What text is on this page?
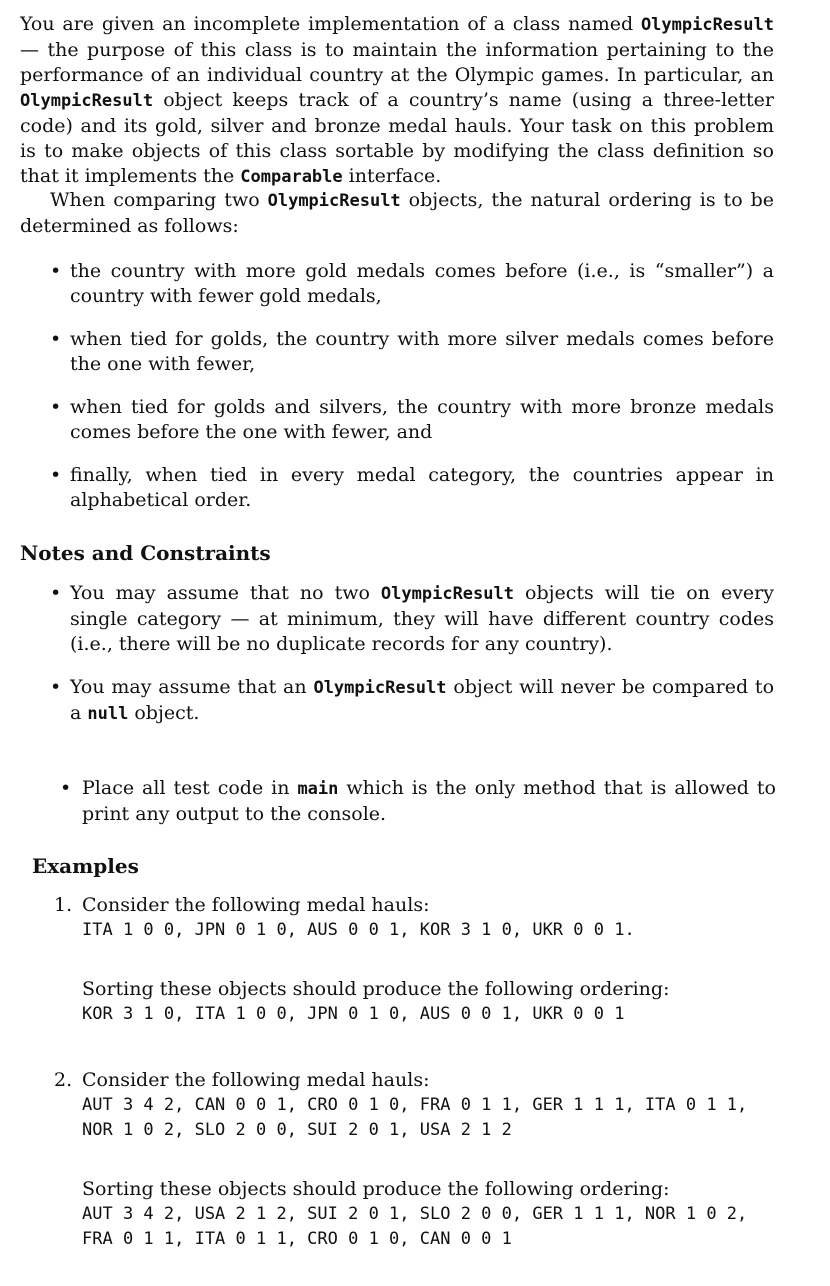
You are given an incomplete implementation of a class named OlympicResult — the purpose of this class is to maintain the information pertaining to the performance of an individual country at the Olympic games. In particular, an OlympicResult object keeps track of a country’s name (using a three-letter code) and its gold, silver and bronze medal hauls. Your task on this problem is to make objects of this class sortable by modifying the class definition so that it implements the Comparable interface.

When comparing two OlympicResult objects, the natural ordering is to be determined as follows:

• the country with more gold medals comes before (i.e., is “smaller”) a country with fewer gold medals,
• when tied for golds, the country with more silver medals comes before the one with fewer,
• when tied for golds and silvers, the country with more bronze medals comes before the one with fewer, and
• finally, when tied in every medal category, the countries appear in alphabetical order.
Notes and Constraints
• You may assume that no two OlympicResult objects will tie on every single category — at minimum, they will have different country codes (i.e., there will be no duplicate records for any country).
• You may assume that an OlympicResult object will never be compared to a null object.
• Place all test code in main which is the only method that is allowed to print any output to the console.
Examples
1. Consider the following medal hauls:
ITA 1 0 0, JPN 0 1 0, AUS 0 0 1, KOR 3 1 0, UKR 0 0 1.
Sorting these objects should produce the following ordering:
KOR 3 1 0, ITA 1 0 0, JPN 0 1 0, AUS 0 0 1, UKR 0 0 1
2. Consider the following medal hauls:
AUT 3 4 2, CAN 0 0 1, CRO 0 1 0, FRA 0 1 1, GER 1 1 1, ITA 0 1 1,
NOR 1 0 2, SLO 2 0 0, SUI 2 0 1, USA 2 1 2
Sorting these objects should produce the following ordering:
AUT 3 4 2, USA 2 1 2, SUI 2 0 1, SLO 2 0 0, GER 1 1 1, NOR 1 0 2,
FRA 0 1 1, ITA 0 1 1, CRO 0 1 0, CAN 0 0 1
